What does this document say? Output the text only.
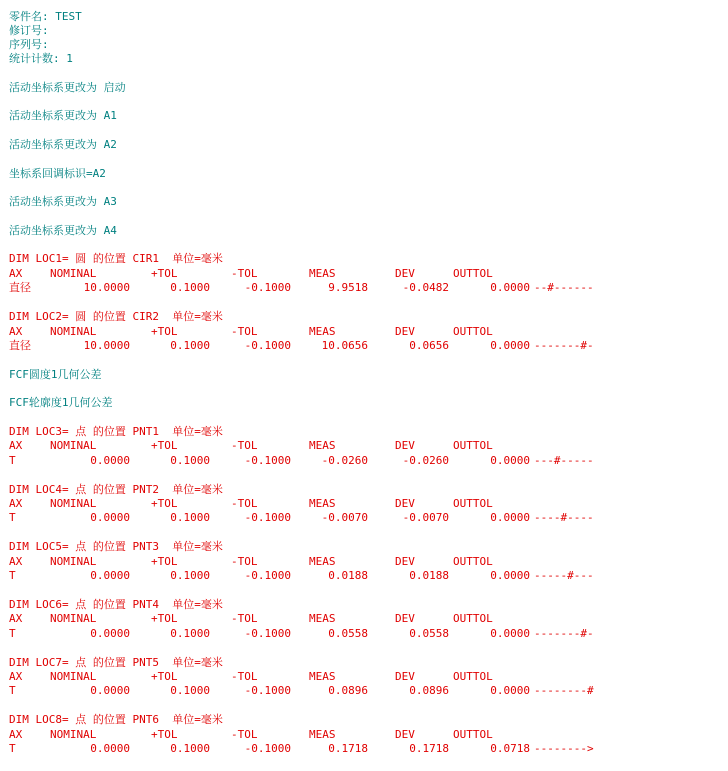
零件名: TEST
修订号:
序列号:
统计计数: 1
活动坐标系更改为 启动
活动坐标系更改为 A1
活动坐标系更改为 A2
坐标系回调标识=A2
活动坐标系更改为 A3
活动坐标系更改为 A4
DIM LOC1= 圆 的位置 CIR1  单位=毫米
AX	NOMINAL	+TOL	-TOL	MEAS	DEV	OUTTOL
直径	10.0000	0.1000	-0.1000	9.9518	-0.0482	0.0000 --#------
DIM LOC2= 圆 的位置 CIR2  单位=毫米
AX	NOMINAL	+TOL	-TOL	MEAS	DEV	OUTTOL
直径	10.0000	0.1000	-0.1000	10.0656	0.0656	0.0000 -------#-
FCF圆度1几何公差
FCF轮廓度1几何公差
DIM LOC3= 点 的位置 PNT1  单位=毫米
AX	NOMINAL	+TOL	-TOL	MEAS	DEV	OUTTOL
T	0.0000	0.1000	-0.1000	-0.0260	-0.0260	0.0000 ---#-----
DIM LOC4= 点 的位置 PNT2  单位=毫米
AX	NOMINAL	+TOL	-TOL	MEAS	DEV	OUTTOL
T	0.0000	0.1000	-0.1000	-0.0070	-0.0070	0.0000 ----#----
DIM LOC5= 点 的位置 PNT3  单位=毫米
AX	NOMINAL	+TOL	-TOL	MEAS	DEV	OUTTOL
T	0.0000	0.1000	-0.1000	0.0188	0.0188	0.0000 -----#---
DIM LOC6= 点 的位置 PNT4  单位=毫米
AX	NOMINAL	+TOL	-TOL	MEAS	DEV	OUTTOL
T	0.0000	0.1000	-0.1000	0.0558	0.0558	0.0000 -------#-
DIM LOC7= 点 的位置 PNT5  单位=毫米
AX	NOMINAL	+TOL	-TOL	MEAS	DEV	OUTTOL
T	0.0000	0.1000	-0.1000	0.0896	0.0896	0.0000 --------#
DIM LOC8= 点 的位置 PNT6  单位=毫米
AX	NOMINAL	+TOL	-TOL	MEAS	DEV	OUTTOL
T	0.0000	0.1000	-0.1000	0.1718	0.1718	0.0718 -------->
